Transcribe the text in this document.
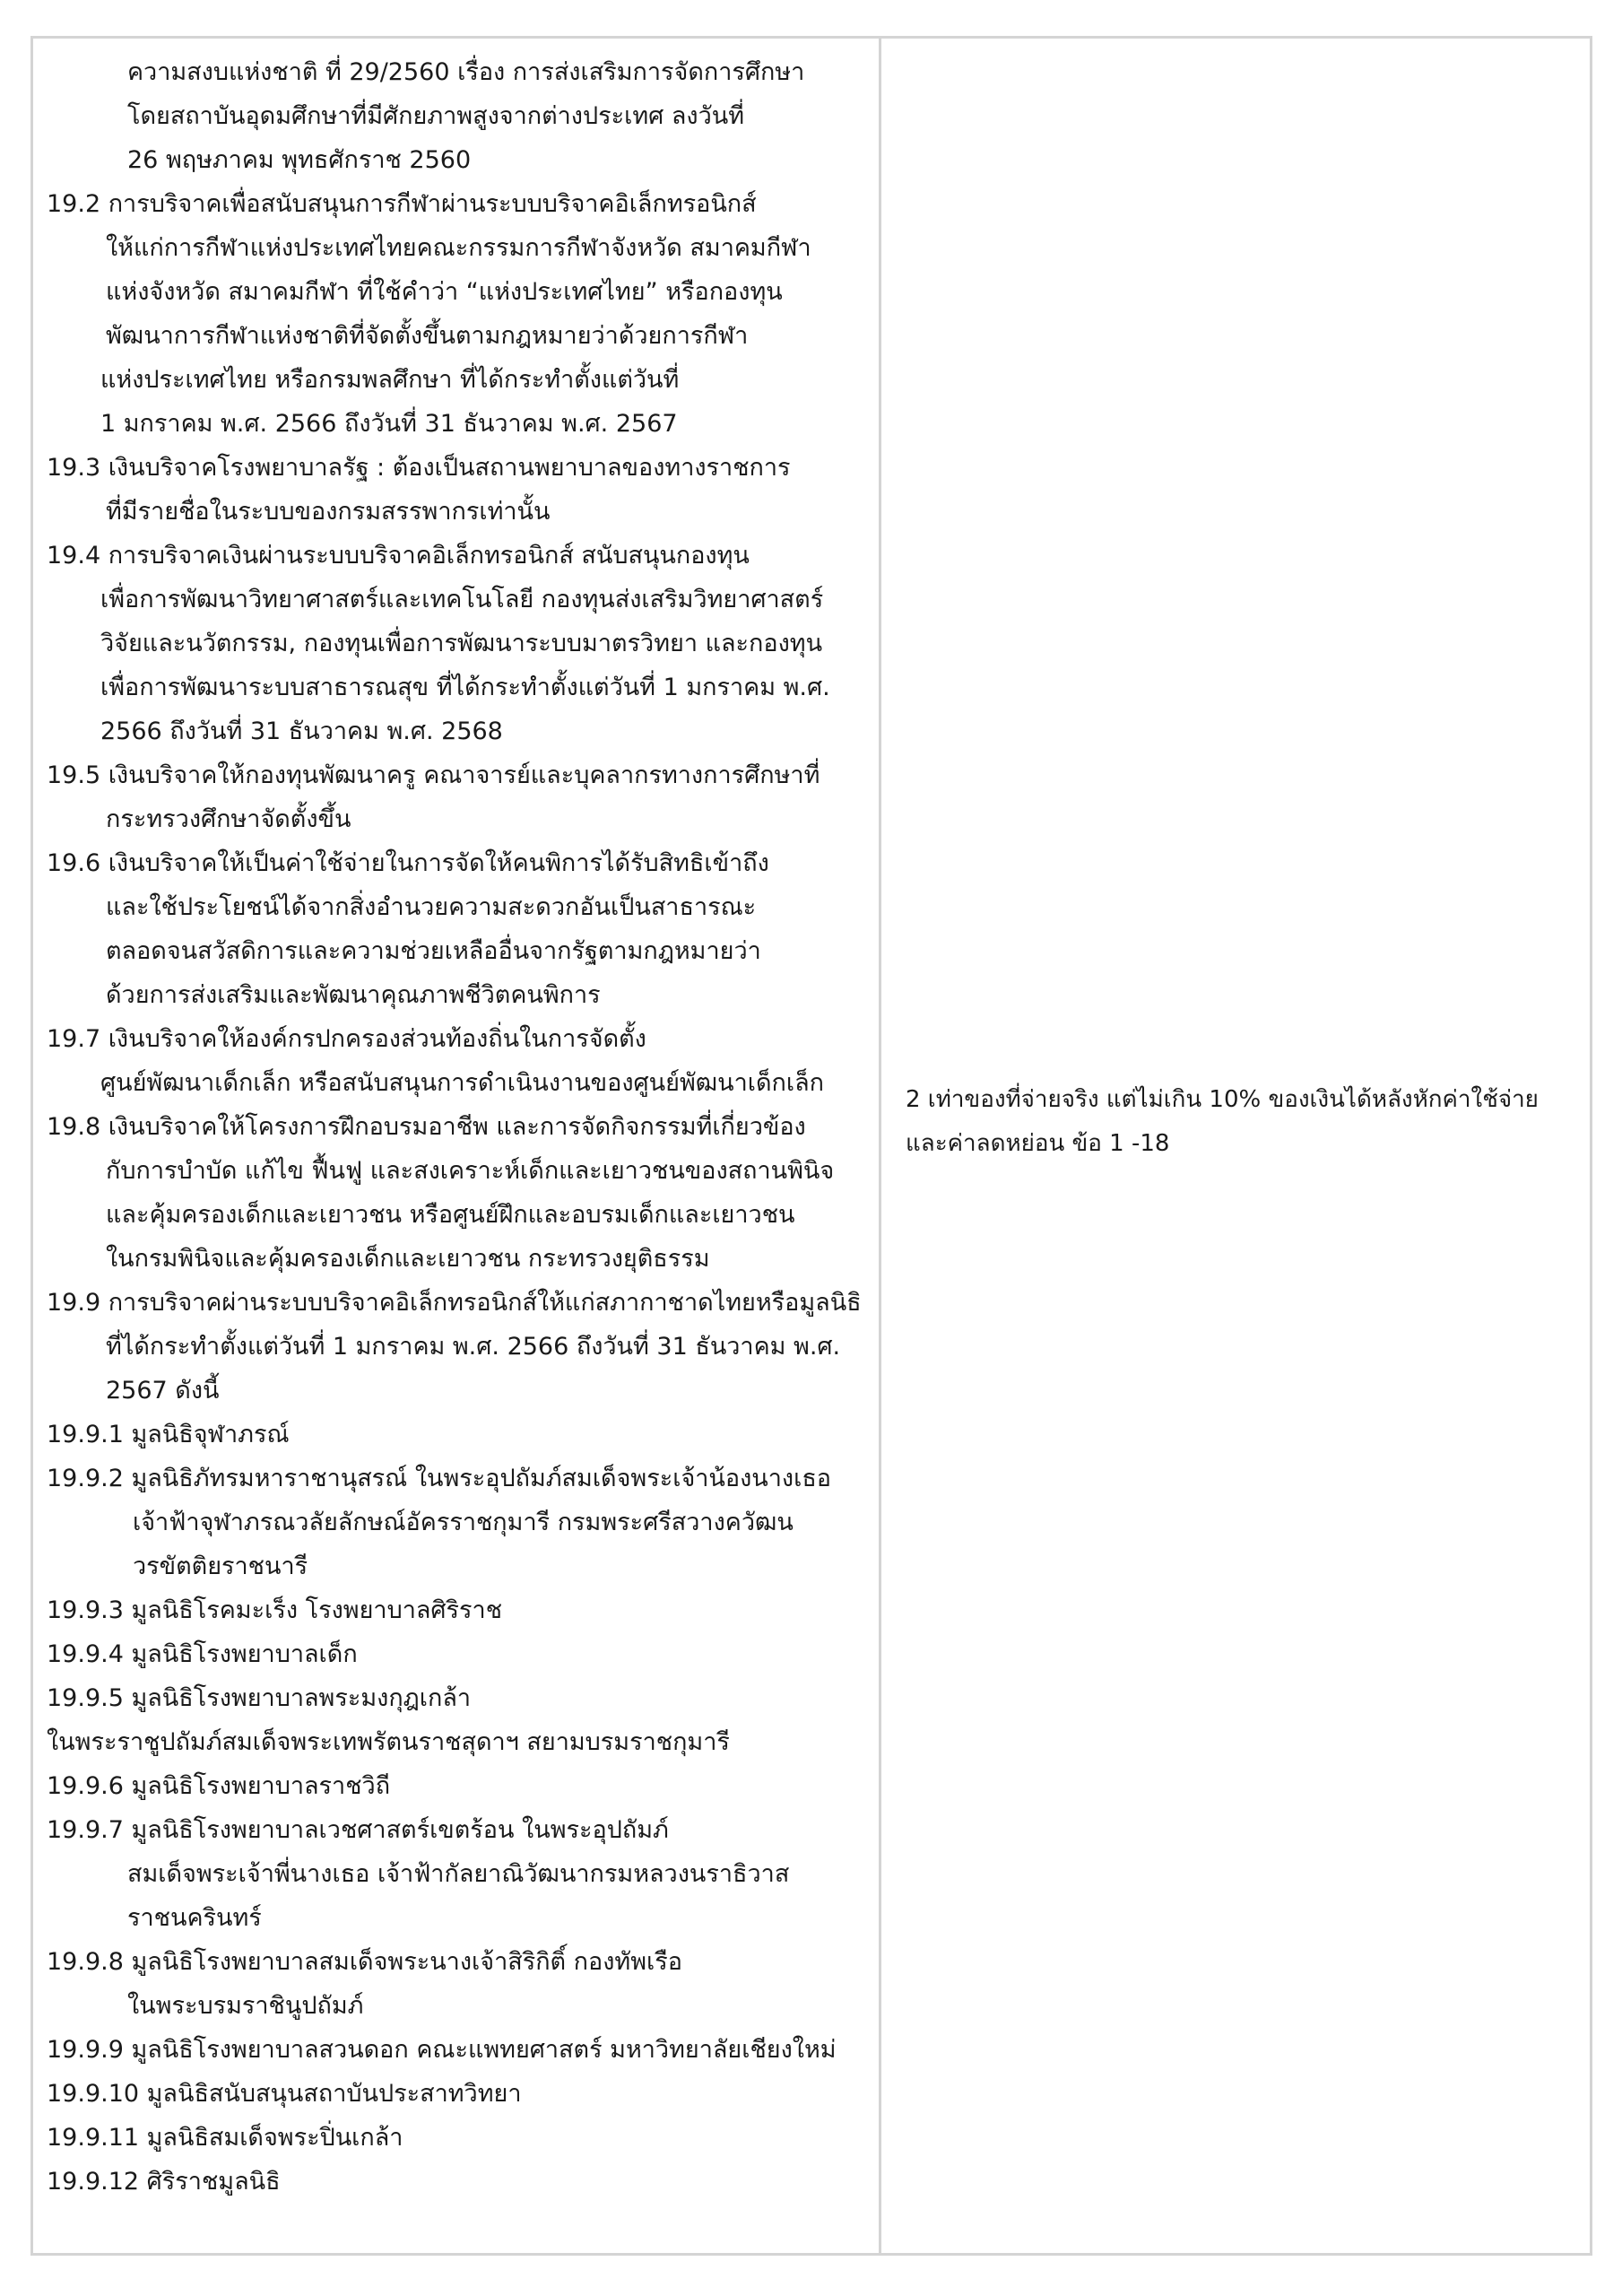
ความสงบแห่งชาติ ที่ 29/2560 เรื่อง การส่งเสริมการจัดการศึกษา
โดยสถาบันอุดมศึกษาที่มีศักยภาพสูงจากต่างประเทศ ลงวันที่
26 พฤษภาคม พุทธศักราช 2560
19.2 การบริจาคเพื่อสนับสนุนการกีฬาผ่านระบบบริจาคอิเล็กทรอนิกส์
ให้แก่การกีฬาแห่งประเทศไทยคณะกรรมการกีฬาจังหวัด สมาคมกีฬา
แห่งจังหวัด สมาคมกีฬา ที่ใช้คำว่า “แห่งประเทศไทย” หรือกองทุน
พัฒนาการกีฬาแห่งชาติที่จัดตั้งขึ้นตามกฎหมายว่าด้วยการกีฬา
แห่งประเทศไทย หรือกรมพลศึกษา ที่ได้กระทำตั้งแต่วันที่
1 มกราคม พ.ศ. 2566 ถึงวันที่ 31 ธันวาคม พ.ศ. 2567
19.3 เงินบริจาคโรงพยาบาลรัฐ : ต้องเป็นสถานพยาบาลของทางราชการ
ที่มีรายชื่อในระบบของกรมสรรพากรเท่านั้น
19.4 การบริจาคเงินผ่านระบบบริจาคอิเล็กทรอนิกส์ สนับสนุนกองทุน
เพื่อการพัฒนาวิทยาศาสตร์และเทคโนโลยี กองทุนส่งเสริมวิทยาศาสตร์
วิจัยและนวัตกรรม, กองทุนเพื่อการพัฒนาระบบมาตรวิทยา และกองทุน
เพื่อการพัฒนาระบบสาธารณสุข ที่ได้กระทำตั้งแต่วันที่ 1 มกราคม พ.ศ.
2566 ถึงวันที่ 31 ธันวาคม พ.ศ. 2568
19.5 เงินบริจาคให้กองทุนพัฒนาครู คณาจารย์และบุคลากรทางการศึกษาที่
กระทรวงศึกษาจัดตั้งขึ้น
19.6 เงินบริจาคให้เป็นค่าใช้จ่ายในการจัดให้คนพิการได้รับสิทธิเข้าถึง
และใช้ประโยชน์ได้จากสิ่งอำนวยความสะดวกอันเป็นสาธารณะ
ตลอดจนสวัสดิการและความช่วยเหลืออื่นจากรัฐตามกฎหมายว่า
ด้วยการส่งเสริมและพัฒนาคุณภาพชีวิตคนพิการ
19.7 เงินบริจาคให้องค์กรปกครองส่วนท้องถิ่นในการจัดตั้ง
ศูนย์พัฒนาเด็กเล็ก หรือสนับสนุนการดำเนินงานของศูนย์พัฒนาเด็กเล็ก
19.8 เงินบริจาคให้โครงการฝึกอบรมอาชีพ และการจัดกิจกรรมที่เกี่ยวข้อง
กับการบำบัด แก้ไข ฟื้นฟู และสงเคราะห์เด็กและเยาวชนของสถานพินิจ
และคุ้มครองเด็กและเยาวชน หรือศูนย์ฝึกและอบรมเด็กและเยาวชน
ในกรมพินิจและคุ้มครองเด็กและเยาวชน กระทรวงยุติธรรม
19.9 การบริจาคผ่านระบบบริจาคอิเล็กทรอนิกส์ให้แก่สภากาชาดไทยหรือมูลนิธิ
ที่ได้กระทำตั้งแต่วันที่ 1 มกราคม พ.ศ. 2566 ถึงวันที่ 31 ธันวาคม พ.ศ.
2567 ดังนี้
19.9.1 มูลนิธิจุฬาภรณ์
19.9.2 มูลนิธิภัทรมหาราชานุสรณ์ ในพระอุปถัมภ์สมเด็จพระเจ้าน้องนางเธอ
เจ้าฟ้าจุฬาภรณวลัยลักษณ์อัครราชกุมารี กรมพระศรีสวางควัฒน
วรขัตติยราชนารี
19.9.3 มูลนิธิโรคมะเร็ง โรงพยาบาลศิริราช
19.9.4 มูลนิธิโรงพยาบาลเด็ก
19.9.5 มูลนิธิโรงพยาบาลพระมงกุฎเกล้า
ในพระราชูปถัมภ์สมเด็จพระเทพรัตนราชสุดาฯ สยามบรมราชกุมารี
19.9.6 มูลนิธิโรงพยาบาลราชวิถี
19.9.7 มูลนิธิโรงพยาบาลเวชศาสตร์เขตร้อน ในพระอุปถัมภ์
สมเด็จพระเจ้าพี่นางเธอ เจ้าฟ้ากัลยาณิวัฒนากรมหลวงนราธิวาส
ราชนครินทร์
19.9.8 มูลนิธิโรงพยาบาลสมเด็จพระนางเจ้าสิริกิติ์ กองทัพเรือ
ในพระบรมราชินูปถัมภ์
19.9.9 มูลนิธิโรงพยาบาลสวนดอก คณะแพทยศาสตร์ มหาวิทยาลัยเชียงใหม่
19.9.10 มูลนิธิสนับสนุนสถาบันประสาทวิทยา
19.9.11 มูลนิธิสมเด็จพระปิ่นเกล้า
19.9.12 ศิริราชมูลนิธิ
2 เท่าของที่จ่ายจริง แต่ไม่เกิน 10% ของเงินได้หลังหักค่าใช้จ่าย
และค่าลดหย่อน ข้อ 1 -18
